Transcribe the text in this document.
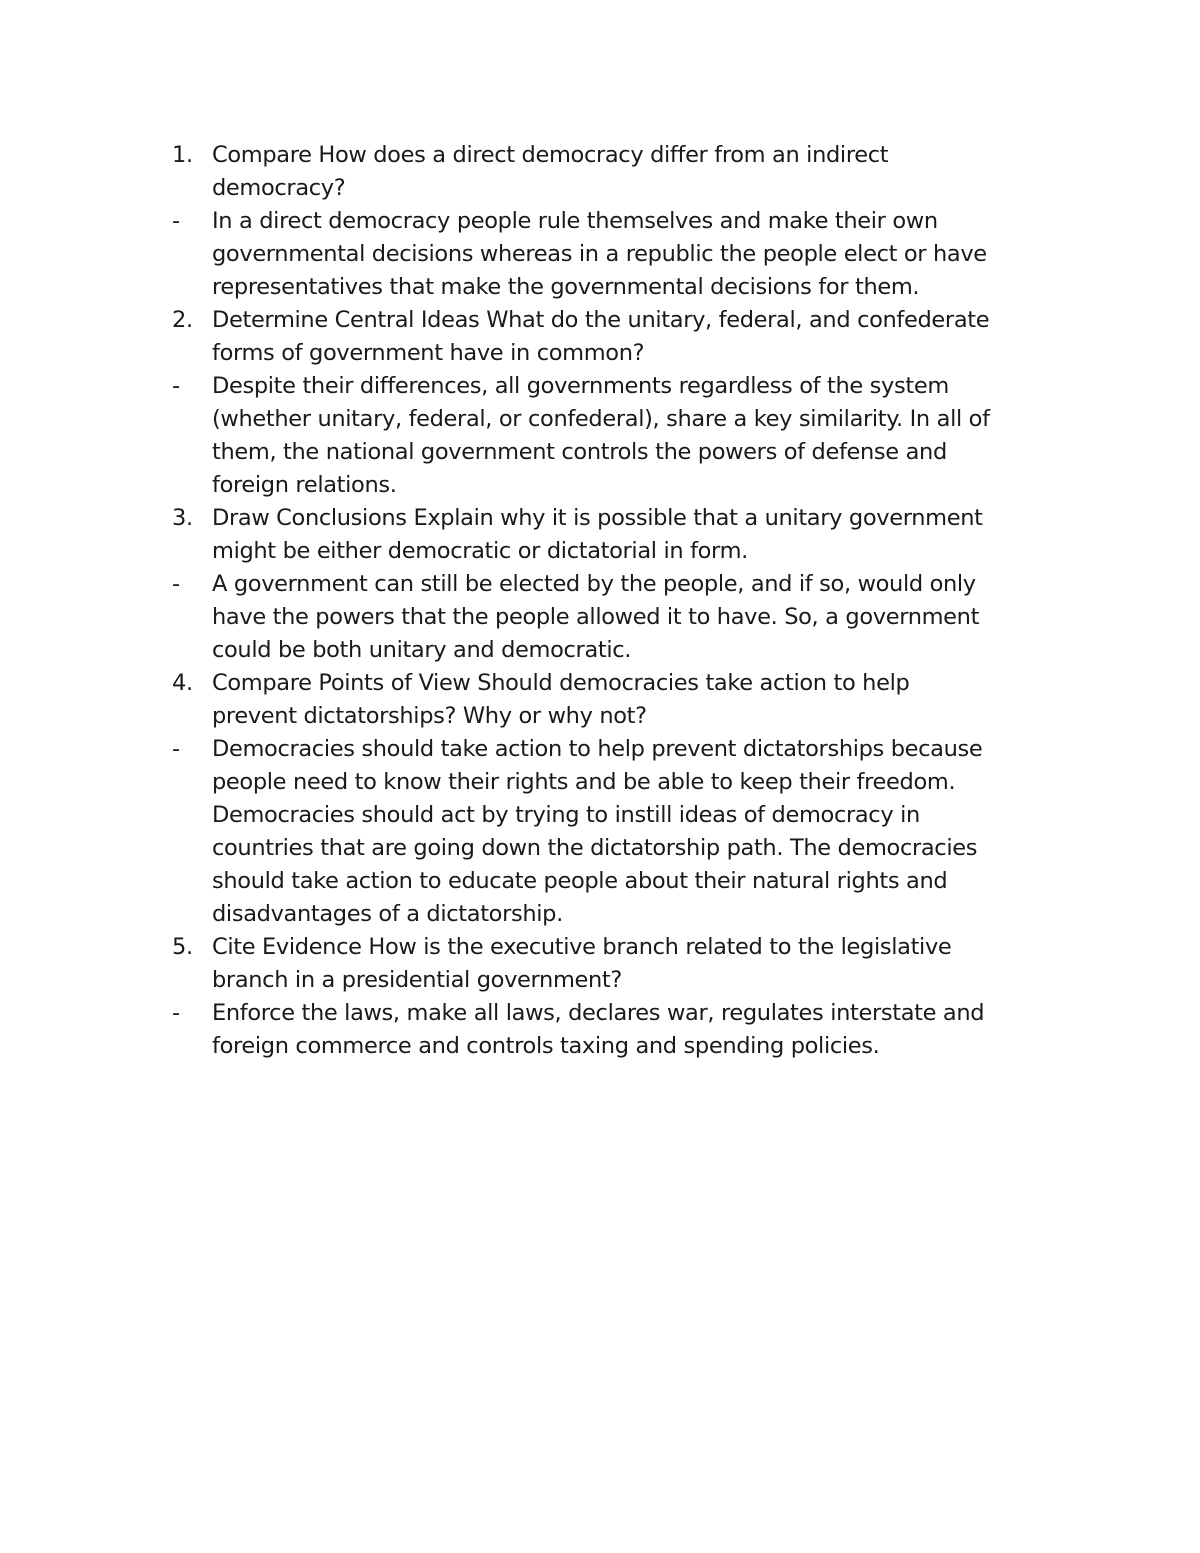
1. Compare How does a direct democracy differ from an indirect
democracy?
-	In a direct democracy people rule themselves and make their own
governmental decisions whereas in a republic the people elect or have
representatives that make the governmental decisions for them.
2. Determine Central Ideas What do the unitary, federal, and confederate
forms of government have in common?
-	Despite their differences, all governments regardless of the system
(whether unitary, federal, or confederal), share a key similarity. In all of
them, the national government controls the powers of defense and
foreign relations.
3. Draw Conclusions Explain why it is possible that a unitary government
might be either democratic or dictatorial in form.
-	A government can still be elected by the people, and if so, would only
have the powers that the people allowed it to have. So, a government
could be both unitary and democratic.
4. Compare Points of View Should democracies take action to help
prevent dictatorships? Why or why not?
-	Democracies should take action to help prevent dictatorships because
people need to know their rights and be able to keep their freedom.
Democracies should act by trying to instill ideas of democracy in
countries that are going down the dictatorship path. The democracies
should take action to educate people about their natural rights and
disadvantages of a dictatorship.
5. Cite Evidence How is the executive branch related to the legislative
branch in a presidential government?
-	Enforce the laws, make all laws, declares war, regulates interstate and
foreign commerce and controls taxing and spending policies.
